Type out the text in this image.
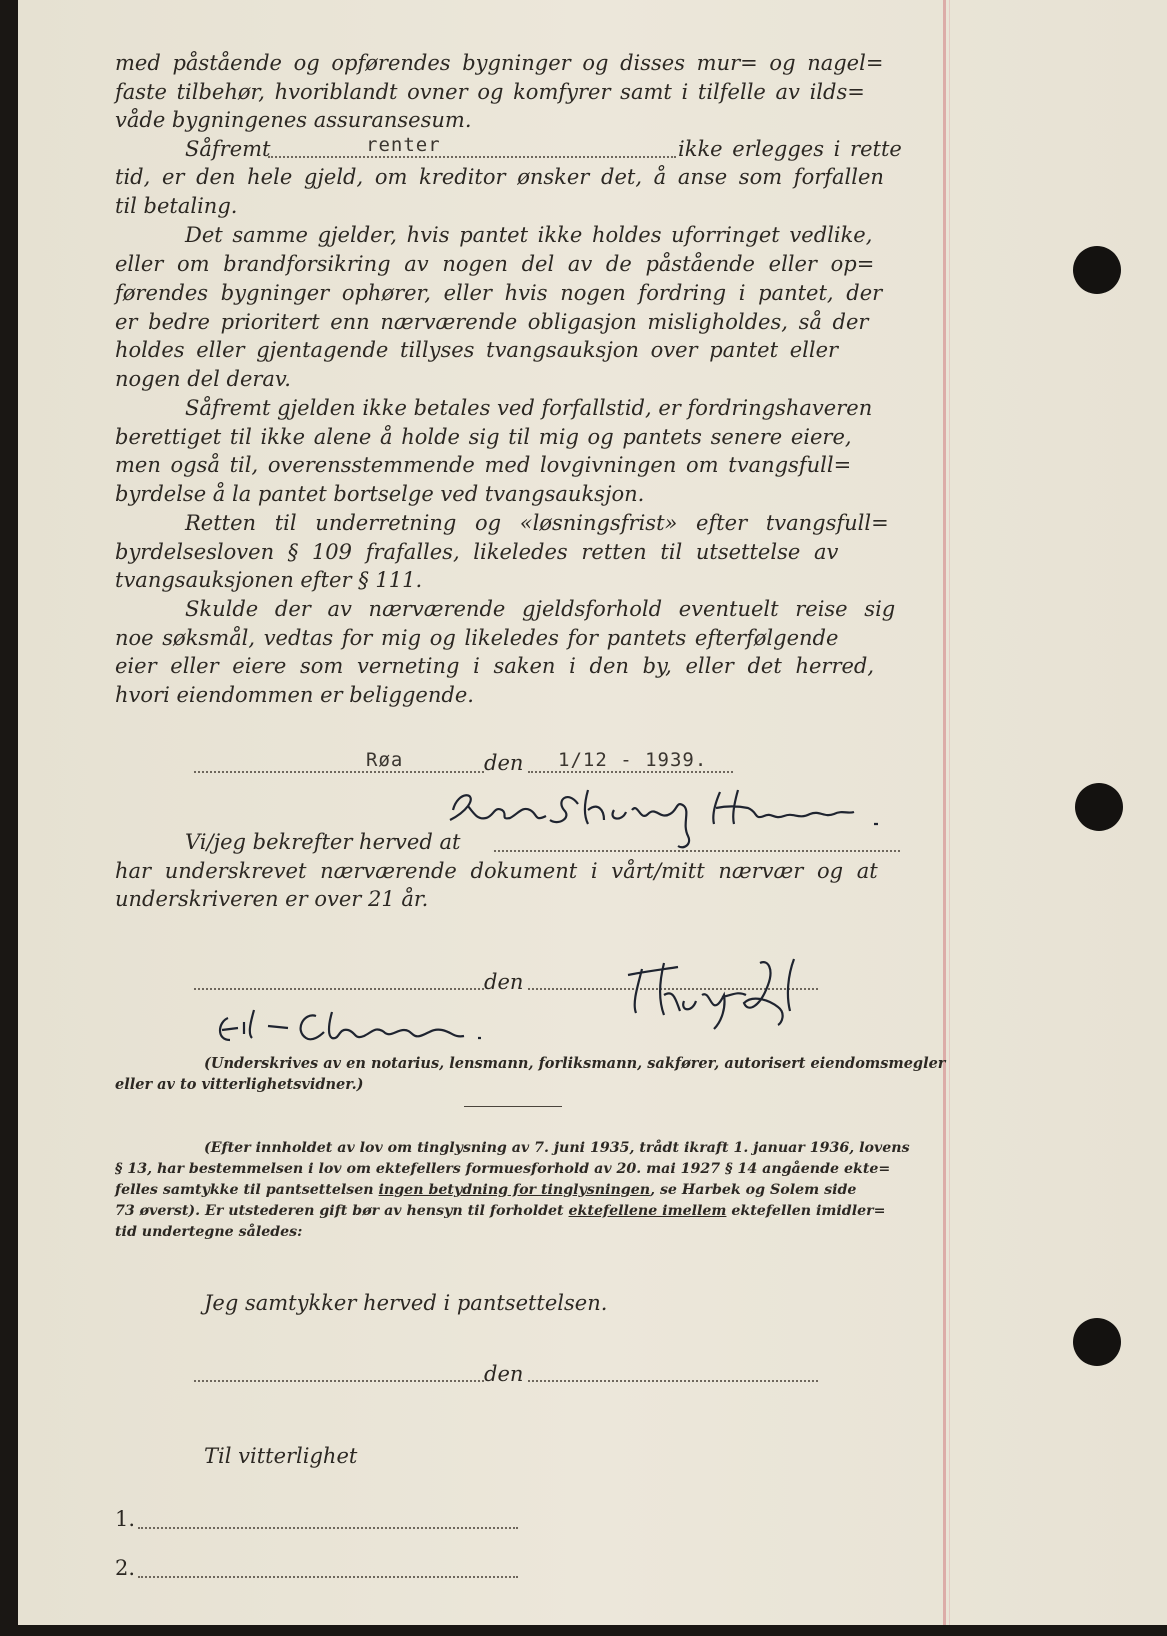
med påstående og opførendes bygninger og disses mur= og nagel=
faste tilbehør, hvoriblandt ovner og komfyrer samt i tilfelle av ilds=
våde bygningenes assuransesum.
Såfremt	renter	ikke erlegges i rette
tid, er den hele gjeld, om kreditor ønsker det, å anse som forfallen
til betaling.
Det samme gjelder, hvis pantet ikke holdes uforringet vedlike,
eller om brandforsikring av nogen del av de påstående eller op=
førendes bygninger ophører, eller hvis nogen fordring i pantet, der
er bedre prioritert enn nærværende obligasjon misligholdes, så der
holdes eller gjentagende tillyses tvangsauksjon over pantet eller
nogen del derav.
Såfremt gjelden ikke betales ved forfallstid, er fordringshaveren
berettiget til ikke alene å holde sig til mig og pantets senere eiere,
men også til, overensstemmende med lovgivningen om tvangsfull=
byrdelse å la pantet bortselge ved tvangsauksjon.
Retten til underretning og «løsningsfrist» efter tvangsfull=
byrdelsesloven § 109 frafalles, likeledes retten til utsettelse av
tvangsauksjonen efter § 111.
Skulde der av nærværende gjeldsforhold eventuelt reise sig
noe søksmål, vedtas for mig og likeledes for pantets efterfølgende
eier eller eiere som verneting i saken i den by, eller det herred,
hvori eiendommen er beliggende.
Røa	den 1/12 - 1939.
Vi/jeg bekrefter herved at
har underskrevet nærværende dokument i vårt/mitt nærvær og at
underskriveren er over 21 år.
den
(Underskrives av en notarius, lensmann, forliksmann, sakfører, autorisert eiendomsmegler
eller av to vitterlighetsvidner.)
(Efter innholdet av lov om tinglysning av 7. juni 1935, trådt ikraft 1. januar 1936, lovens
§ 13, har bestemmelsen i lov om ektefellers formuesforhold av 20. mai 1927 § 14 angående ekte=
felles samtykke til pantsettelsen ingen betydning for tinglysningen, se Harbek og Solem side
73 øverst). Er utstederen gift bør av hensyn til forholdet ektefellene imellem ektefellen imidler=
tid undertegne således:
Jeg samtykker herved i pantsettelsen.
den
Til vitterlighet
1.
2.
